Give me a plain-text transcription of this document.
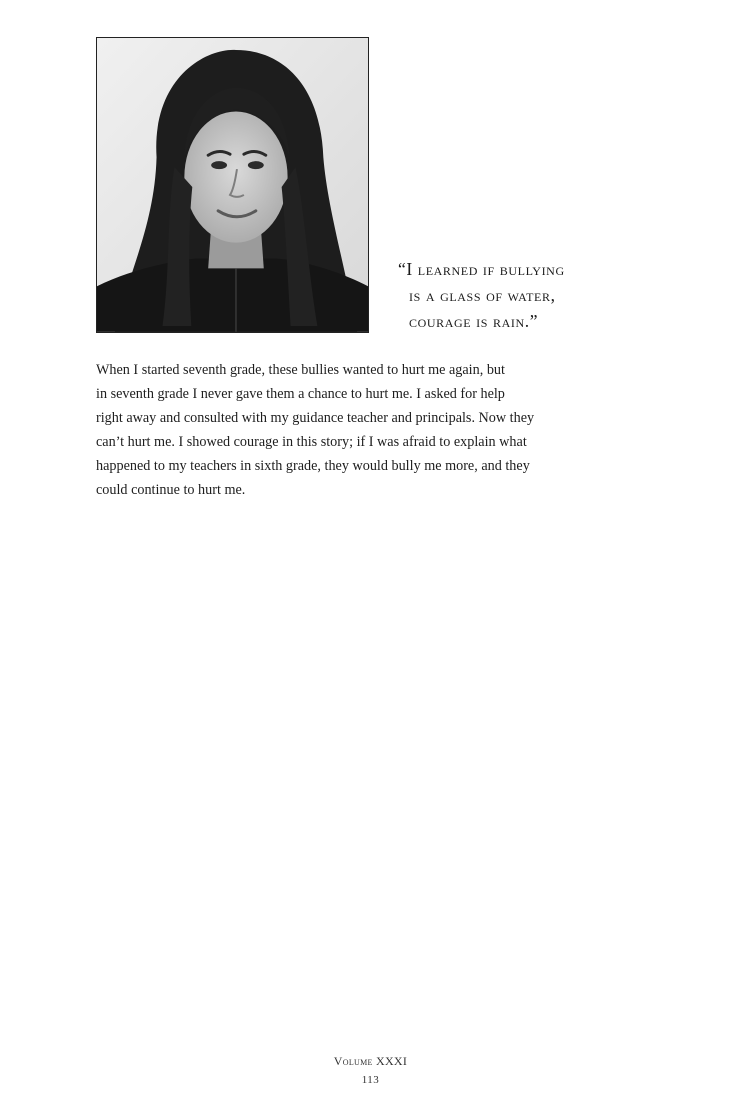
“I learned if bullying
is a glass of water,
courage is rain.”
When I started seventh grade, these bullies wanted to hurt me again, but
in seventh grade I never gave them a chance to hurt me. I asked for help
right away and consulted with my guidance teacher and principals. Now they
can’t hurt me. I showed courage in this story; if I was afraid to explain what
happened to my teachers in sixth grade, they would bully me more, and they
could continue to hurt me.
Volume XXXI
113
